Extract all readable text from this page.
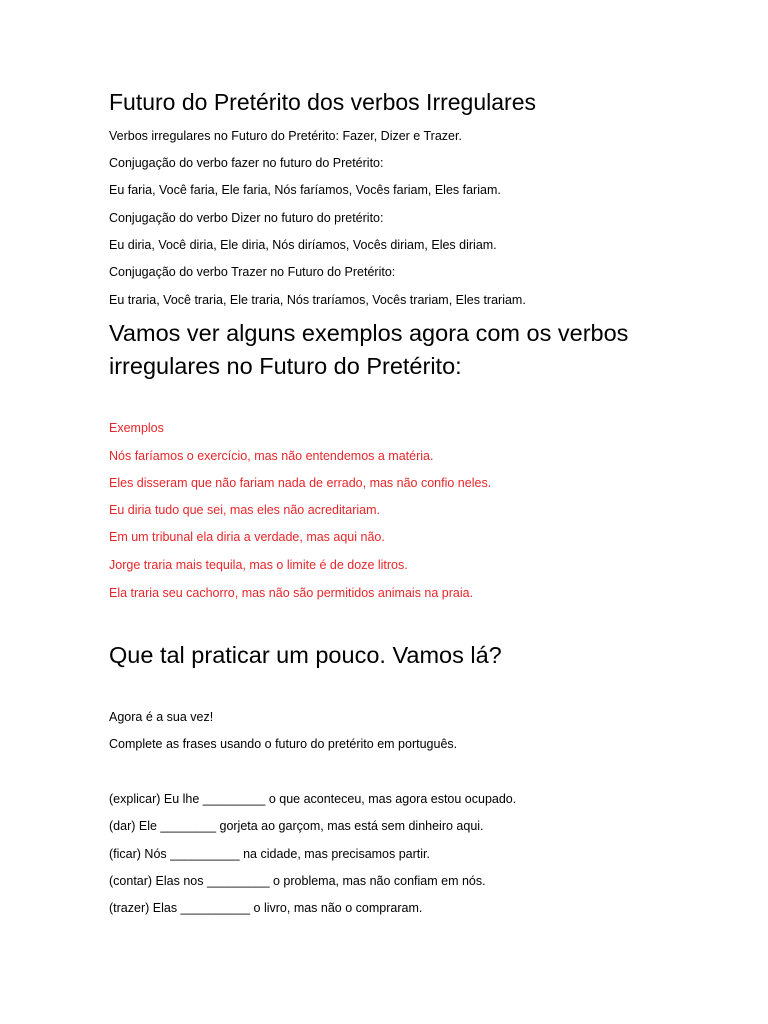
Futuro do Pretérito dos verbos Irregulares

Verbos irregulares no Futuro do Pretérito: Fazer, Dizer e Trazer.

Conjugação do verbo fazer no futuro do Pretérito:

Eu faria, Você faria, Ele faria, Nós faríamos, Vocês fariam, Eles fariam.

Conjugação do verbo Dizer no futuro do pretérito:

Eu diria, Você diria, Ele diria, Nós diríamos, Vocês diriam, Eles diriam.

Conjugação do verbo Trazer no Futuro do Pretérito:

Eu traria, Você traria, Ele traria, Nós traríamos, Vocês trariam, Eles trariam.

Vamos ver alguns exemplos agora com os verbos
irregulares no Futuro do Pretérito:

Exemplos

Nós faríamos o exercício, mas não entendemos a matéria.

Eles disseram que não fariam nada de errado, mas não confio neles.

Eu diria tudo que sei, mas eles não acreditariam.

Em um tribunal ela diria a verdade, mas aqui não.

Jorge traria mais tequila, mas o limite é de doze litros.

Ela traria seu cachorro, mas não são permitidos animais na praia.

Que tal praticar um pouco. Vamos lá?

Agora é a sua vez!

Complete as frases usando o futuro do pretérito em português.

(explicar) Eu lhe _________ o que aconteceu, mas agora estou ocupado.

(dar) Ele ________ gorjeta ao garçom, mas está sem dinheiro aqui.

(ficar) Nós __________ na cidade, mas precisamos partir.

(contar) Elas nos _________ o problema, mas não confiam em nós.

(trazer) Elas __________ o livro, mas não o compraram.
